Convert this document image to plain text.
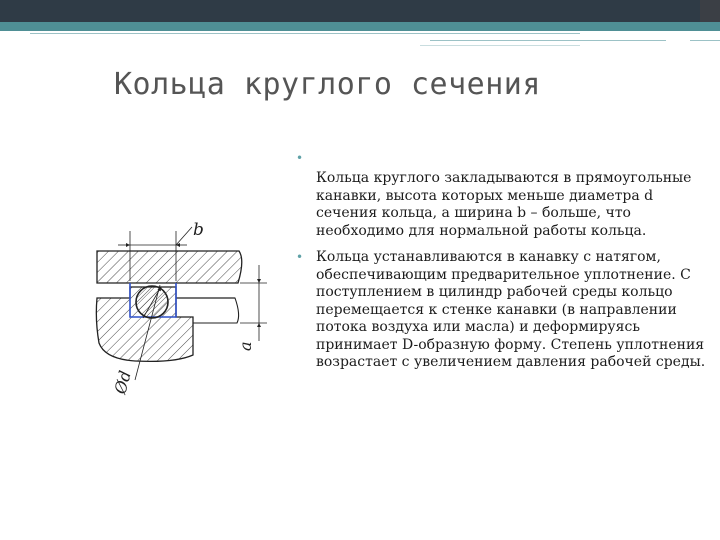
Кольца круглого сечения
b
a
Ød
•
Кольца круглого закладываются в прямоугольные канавки, высота которых меньше диаметра d сечения кольца, а ширина b – больше, что необходимо для нормальной работы кольца.
• Кольца устанавливаются в канавку с натягом, обеспечивающим предварительное уплотнение. С поступлением в цилиндр рабочей среды кольцо перемещается к стенке канавки (в направлении потока воздуха или масла) и деформируясь принимает D-образную форму. Степень уплотнения возрастает с увеличением давления рабочей среды.
